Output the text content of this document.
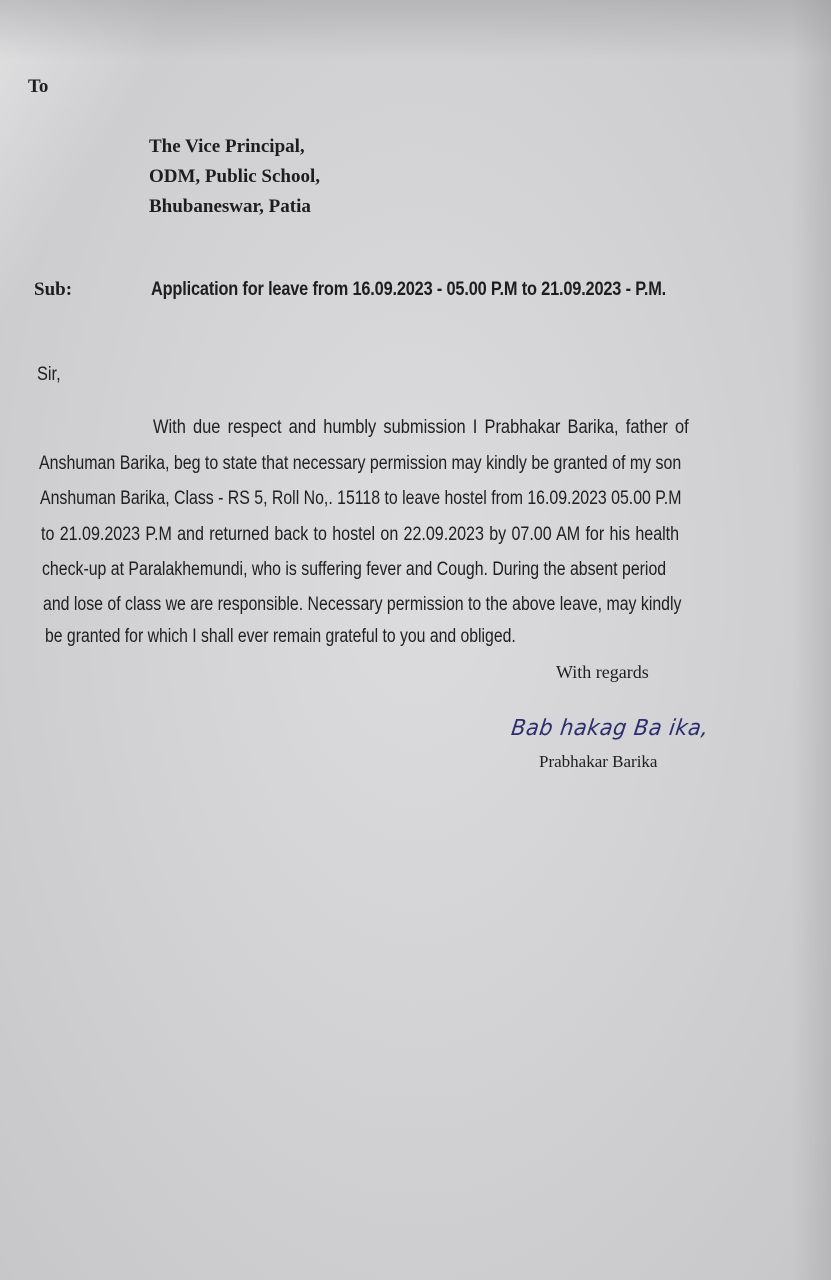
To

The Vice Principal,

ODM, Public School,

Bhubaneswar, Patia

Sub:	Application for leave from 16.09.2023 - 05.00 P.M to 21.09.2023 - P.M.

Sir,

With due respect and humbly submission I Prabhakar Barika, father of

Anshuman Barika, beg to state that necessary permission may kindly be granted of my son

Anshuman Barika, Class - RS 5, Roll No,. 15118 to leave hostel from 16.09.2023 05.00 P.M

to 21.09.2023 P.M and returned back to hostel on 22.09.2023 by 07.00 AM for his health

check-up at Paralakhemundi, who is suffering fever and Cough. During the absent period

and lose of class we are responsible. Necessary permission to the above leave, may kindly

be granted for which I shall ever remain grateful to you and obliged.

With regards

Bab hakag Ba ika,

Prabhakar Barika
